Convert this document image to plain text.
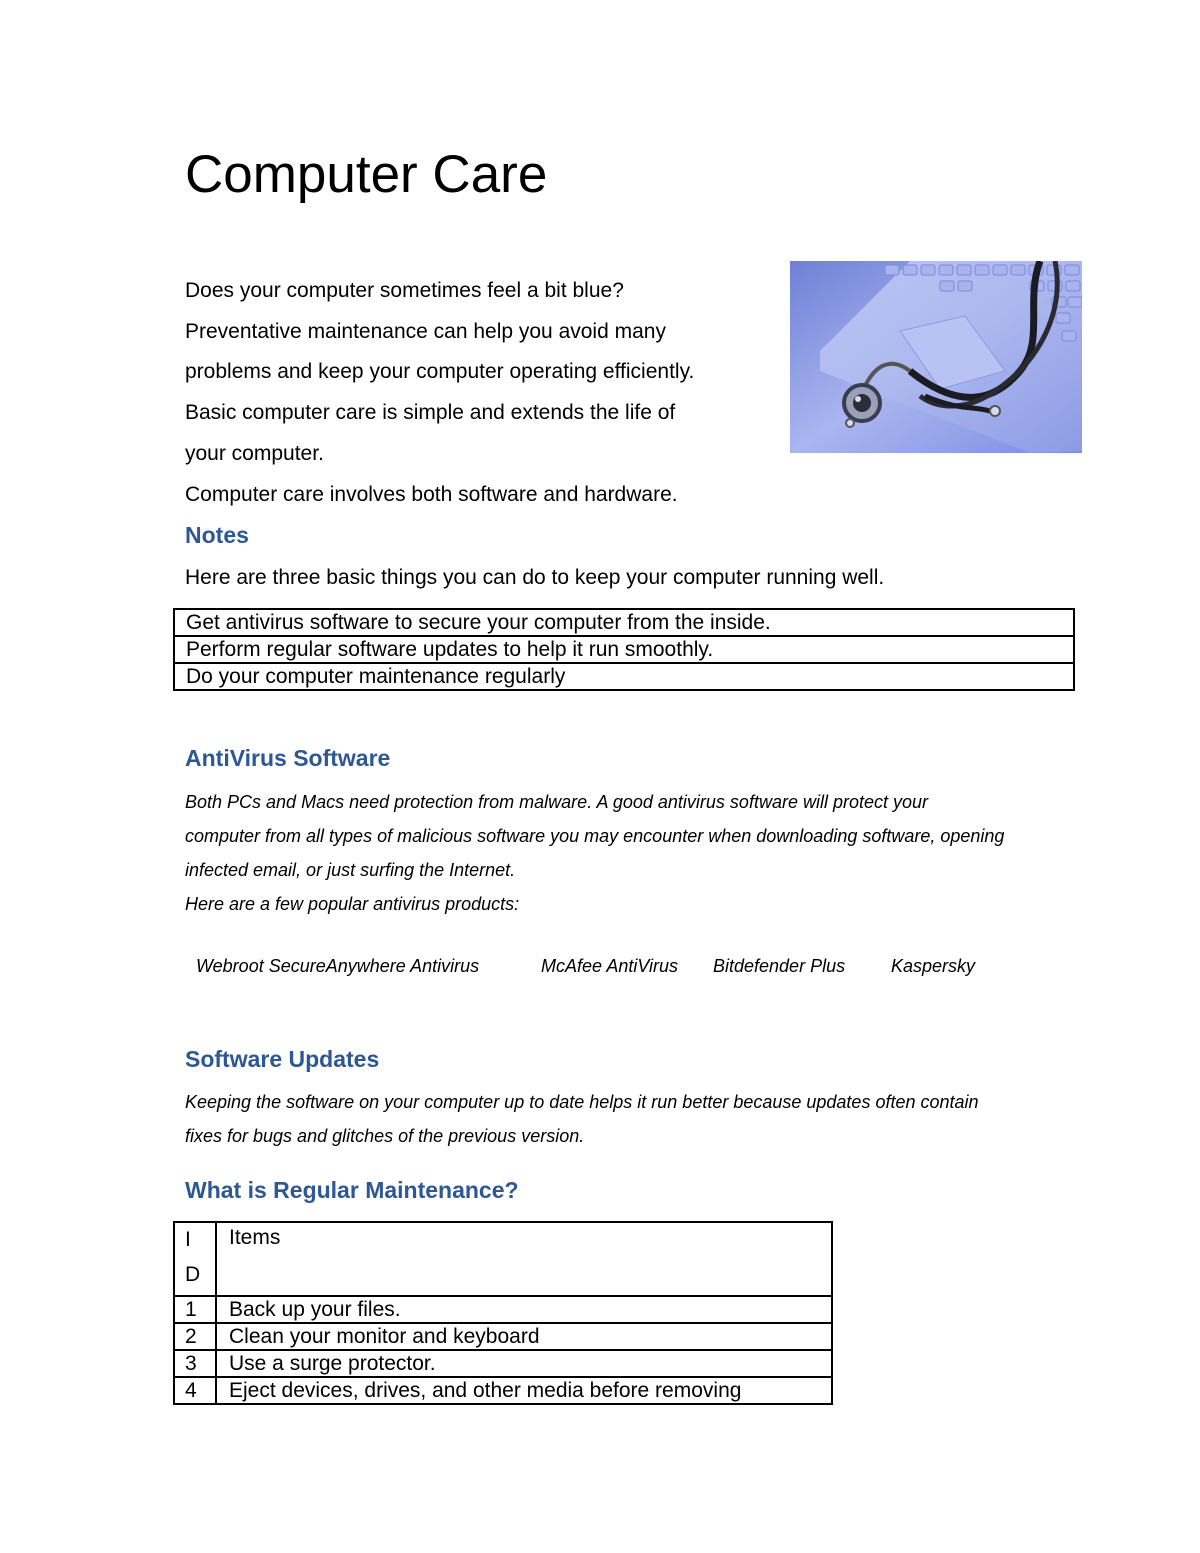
Computer Care

Does your computer sometimes feel a bit blue?

Preventative maintenance can help you avoid many

problems and keep your computer operating efficiently.

Basic computer care is simple and extends the life of

your computer.

Computer care involves both software and hardware.

Notes

Here are three basic things you can do to keep your computer running well.

Get antivirus software to secure your computer from the inside.
Perform regular software updates to help it run smoothly.
Do your computer maintenance regularly
AntiVirus Software

Both PCs and Macs need protection from malware. A good antivirus software will protect your

computer from all types of malicious software you may encounter when downloading software, opening

infected email, or just surfing the Internet.

Here are a few popular antivirus products:

Webroot SecureAnywhere Antivirus	McAfee AntiVirus Bitdefender Plus	Kaspersky
Software Updates

Keeping the software on your computer up to date helps it run better because updates often contain

fixes for bugs and glitches of the previous version.

What is Regular Maintenance?
I
D	Items
1	Back up your files.
2	Clean your monitor and keyboard
3	Use a surge protector.
4	Eject devices, drives, and other media before removing
